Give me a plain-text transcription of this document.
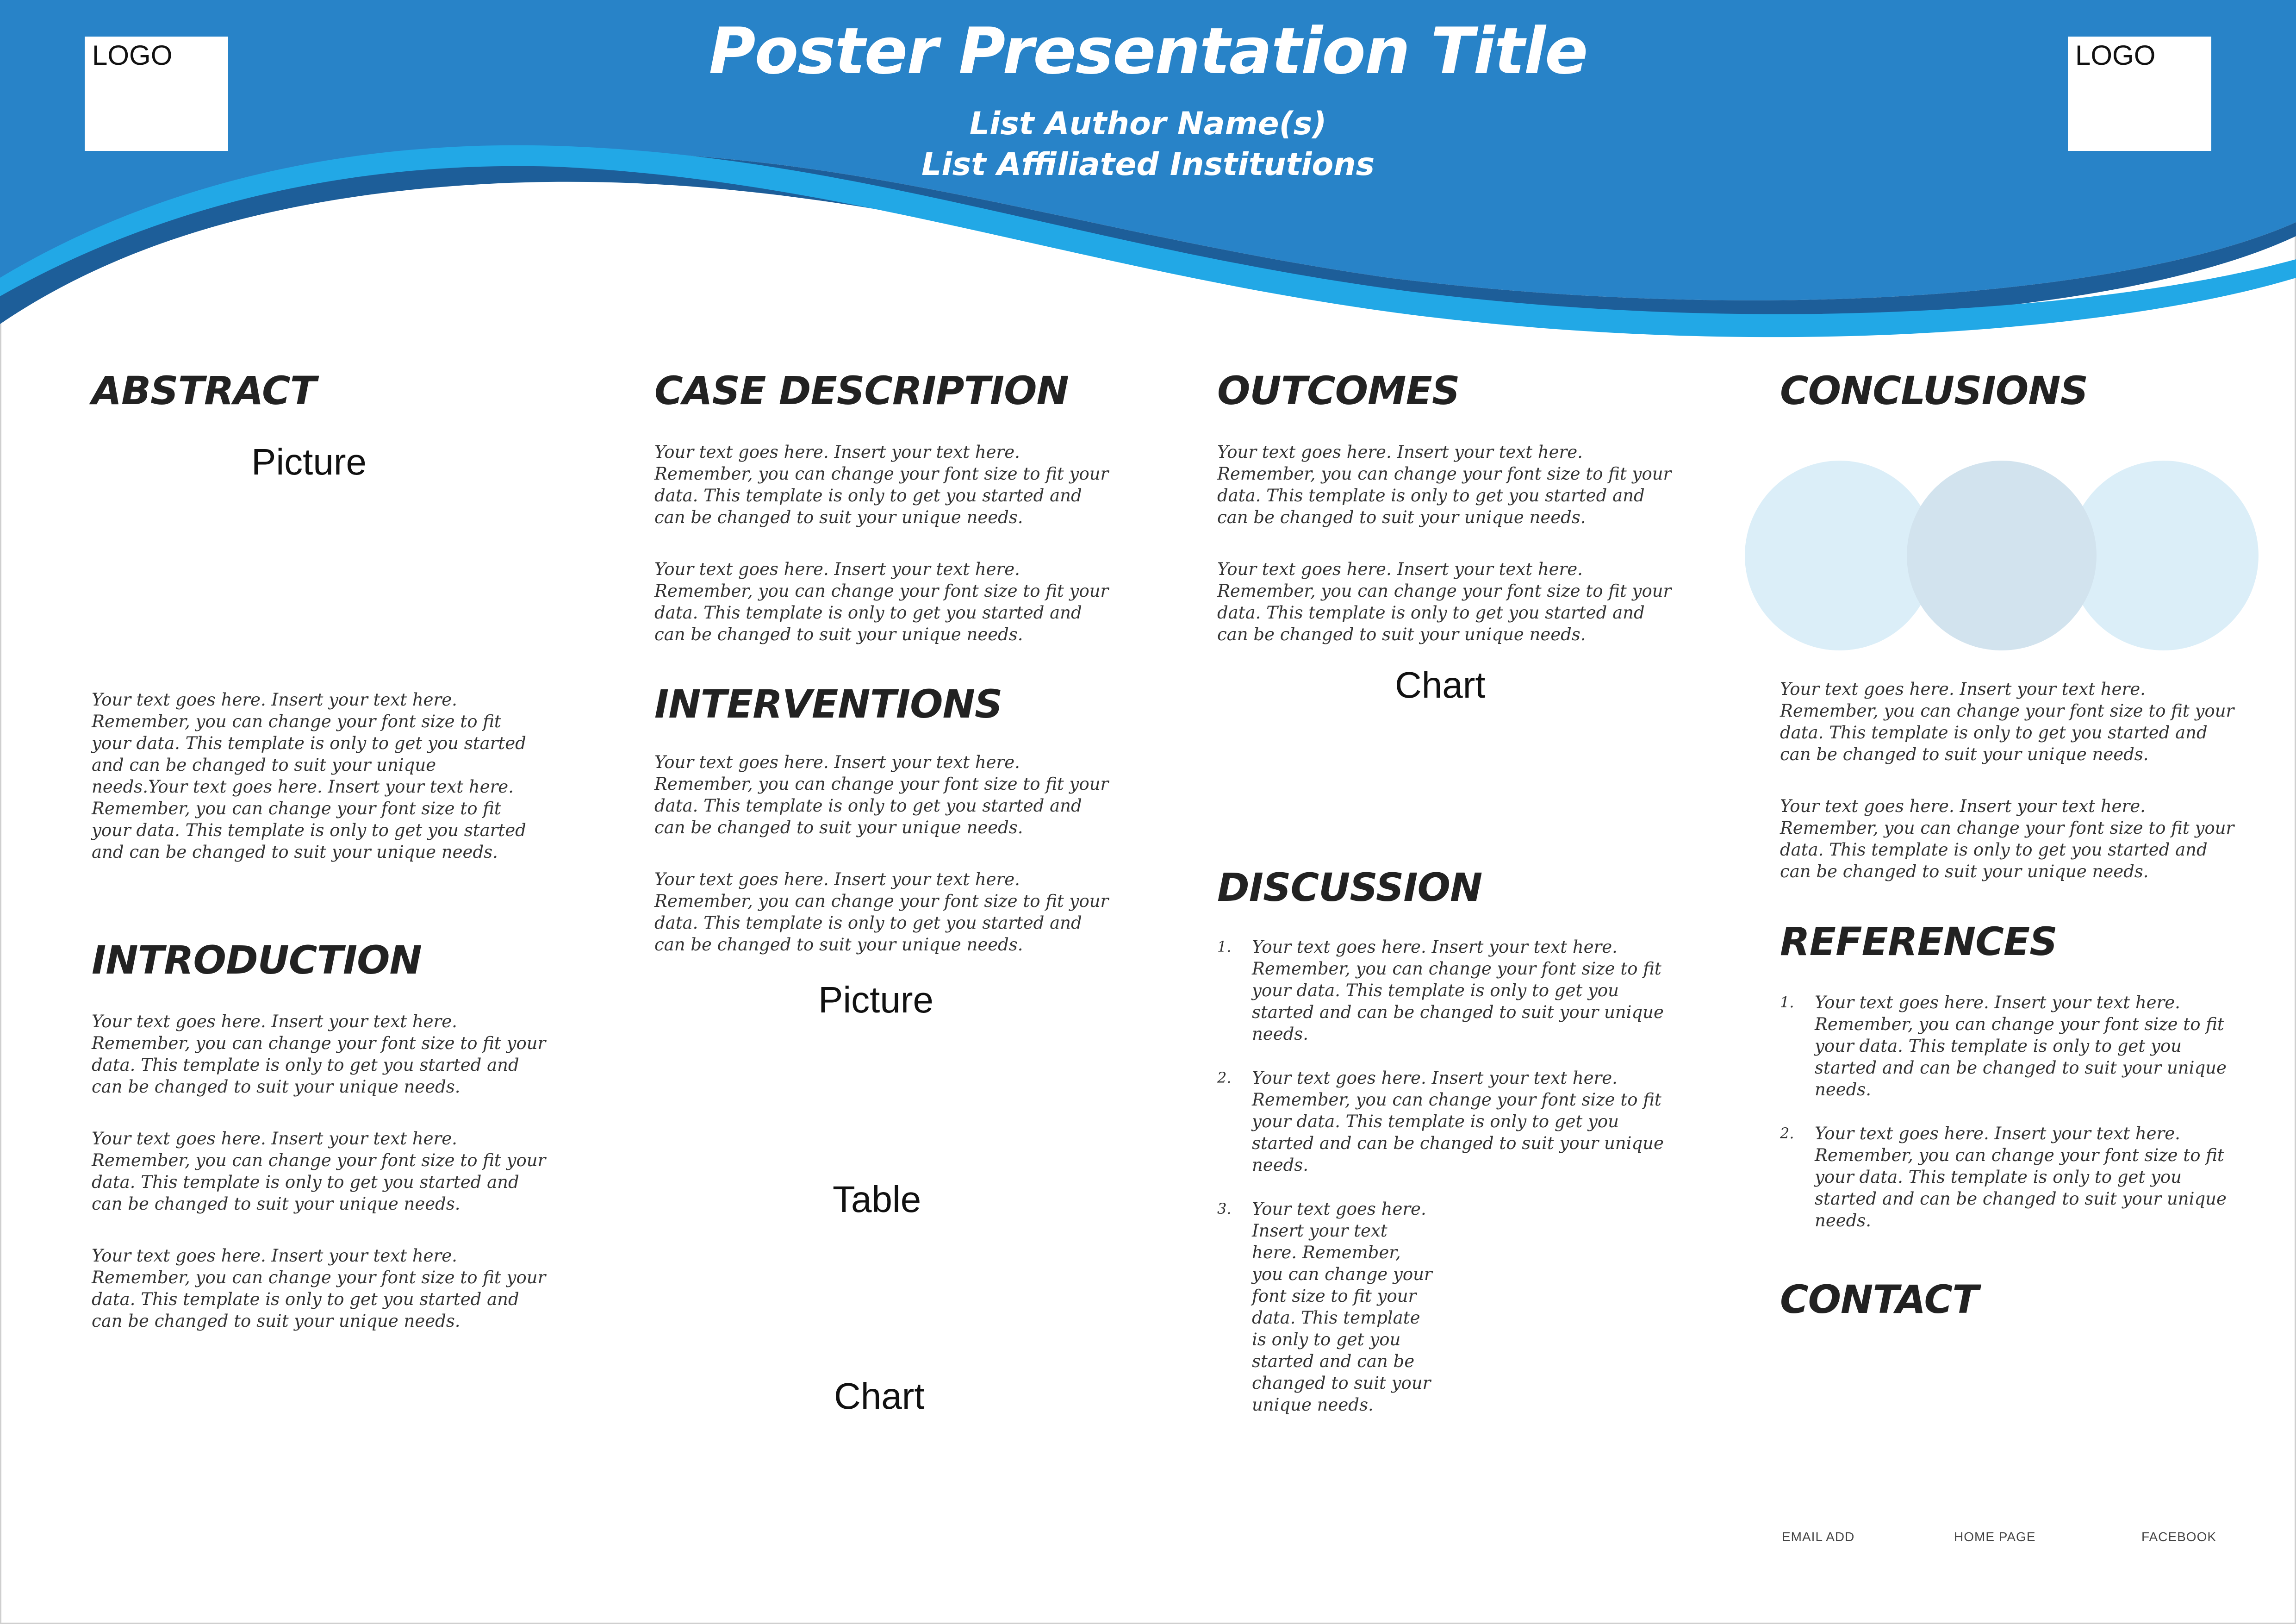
LOGO	LOGO
Poster Presentation Title
List Author Name(s)
List Affiliated Institutions
ABSTRACT
Picture

Your text goes here. Insert your text here. Remember, you can change your font size to fit your data. This template is only to get you started and can be changed to suit your unique needs.Your text goes here. Insert your text here. Remember, you can change your font size to fit your data. This template is only to get you started and can be changed to suit your unique needs.

INTRODUCTION

Your text goes here. Insert your text here. Remember, you can change your font size to fit your data. This template is only to get you started and can be changed to suit your unique needs.

Your text goes here. Insert your text here. Remember, you can change your font size to fit your data. This template is only to get you started and can be changed to suit your unique needs.

Your text goes here. Insert your text here. Remember, you can change your font size to fit your data. This template is only to get you started and can be changed to suit your unique needs.

CASE DESCRIPTION

Your text goes here. Insert your text here. Remember, you can change your font size to fit your data. This template is only to get you started and can be changed to suit your unique needs.

Your text goes here. Insert your text here. Remember, you can change your font size to fit your data. This template is only to get you started and can be changed to suit your unique needs.

INTERVENTIONS

Your text goes here. Insert your text here. Remember, you can change your font size to fit your data. This template is only to get you started and can be changed to suit your unique needs.

Your text goes here. Insert your text here. Remember, you can change your font size to fit your data. This template is only to get you started and can be changed to suit your unique needs.

Picture
Table
Chart
OUTCOMES

Your text goes here. Insert your text here. Remember, you can change your font size to fit your data. This template is only to get you started and can be changed to suit your unique needs.

Your text goes here. Insert your text here. Remember, you can change your font size to fit your data. This template is only to get you started and can be changed to suit your unique needs.

Chart
DISCUSSION
1. Your text goes here. Insert your text here. Remember, you can change your font size to fit your data. This template is only to get you started and can be changed to suit your unique needs.
2. Your text goes here. Insert your text here. Remember, you can change your font size to fit your data. This template is only to get you started and can be changed to suit your unique needs.
3. Your text goes here. Insert your text here. Remember, you can change your font size to fit your data. This template is only to get you started and can be changed to suit your unique needs.
CONCLUSIONS

Your text goes here. Insert your text here. Remember, you can change your font size to fit your data. This template is only to get you started and can be changed to suit your unique needs.

Your text goes here. Insert your text here. Remember, you can change your font size to fit your data. This template is only to get you started and can be changed to suit your unique needs.

REFERENCES
1. Your text goes here. Insert your text here. Remember, you can change your font size to fit your data. This template is only to get you started and can be changed to suit your unique needs.
2. Your text goes here. Insert your text here. Remember, you can change your font size to fit your data. This template is only to get you started and can be changed to suit your unique needs.
CONTACT
EMAIL ADD	HOME PAGE	FACEBOOK
